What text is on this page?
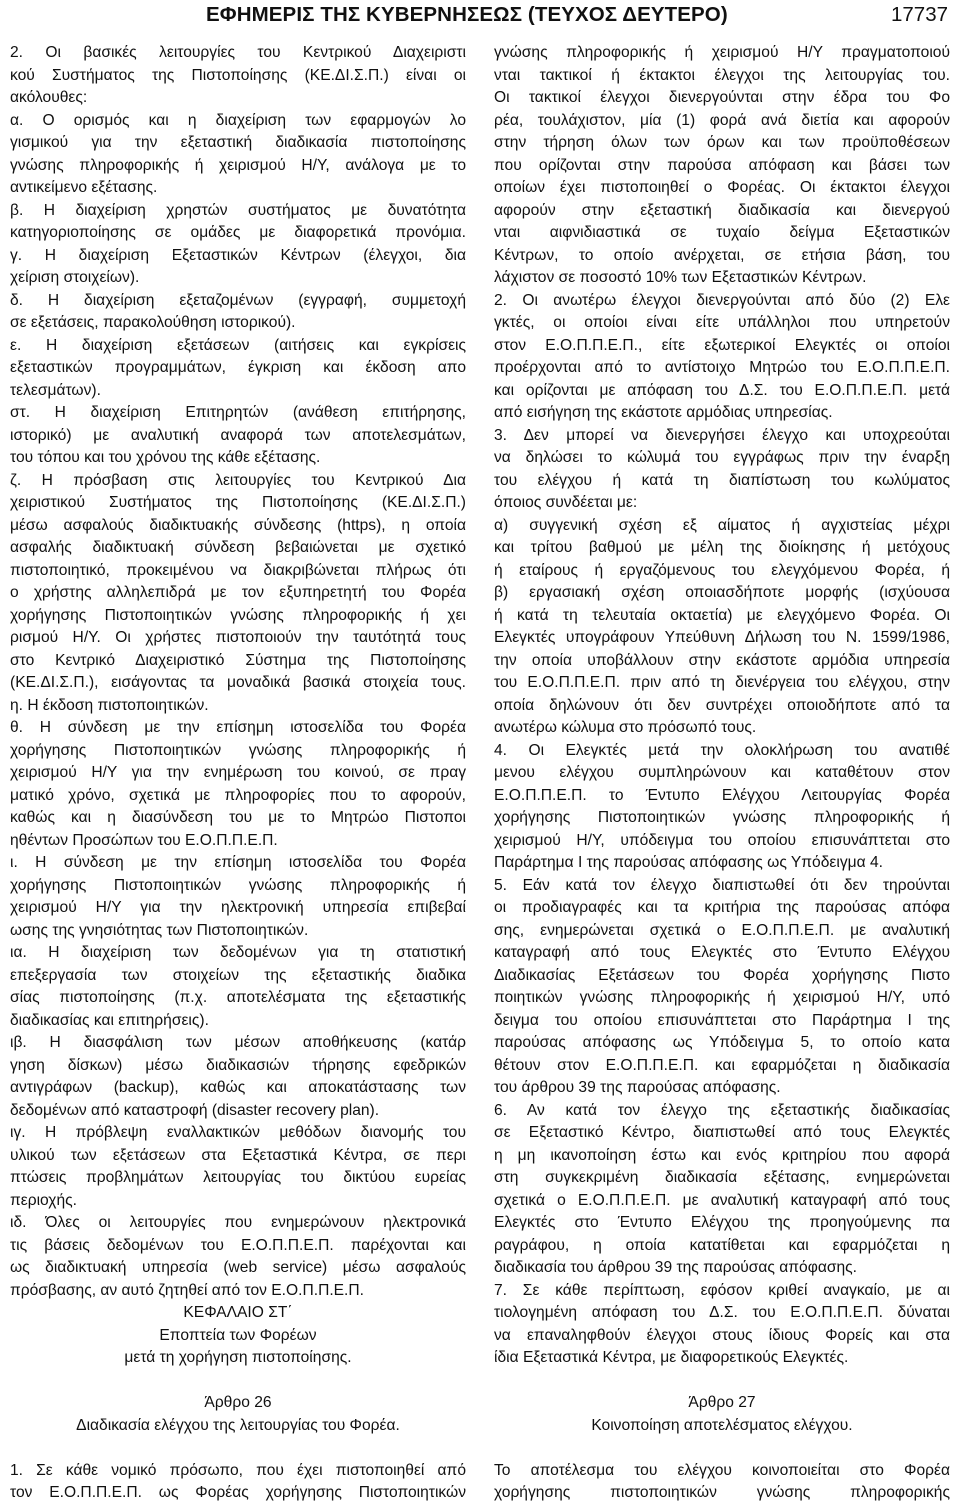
ΕΦΗΜΕΡΙΣ ΤΗΣ ΚΥΒΕΡΝΗΣΕΩΣ (ΤΕΥΧΟΣ ΔΕΥΤΕΡΟ)	17737
2. Οι βασικές λειτουργίες του Κεντρικού Διαχειριστι
κού Συστήματος της Πιστοποίησης (ΚΕ.ΔΙ.Σ.Π.) είναι οι
ακόλουθες:
α. Ο ορισμός και η διαχείριση των εφαρμογών λο
γισμικού για την εξεταστική διαδικασία πιστοποίησης
γνώσης πληροφορικής ή χειρισμού Η/Υ, ανάλογα με το
αντικείμενο εξέτασης.
β. Η διαχείριση χρηστών συστήματος με δυνατότητα
κατηγοριοποίησης σε ομάδες με διαφορετικά προνόμια.
γ. Η διαχείριση Εξεταστικών Κέντρων (έλεγχοι, δια
χείριση στοιχείων).
δ. Η διαχείριση εξεταζομένων (εγγραφή, συμμετοχή
σε εξετάσεις, παρακολούθηση ιστορικού).
ε. Η διαχείριση εξετάσεων (αιτήσεις και εγκρίσεις
εξεταστικών προγραμμάτων, έγκριση και έκδοση απο
τελεσμάτων).
στ. Η διαχείριση Επιτηρητών (ανάθεση επιτήρησης,
ιστορικό) με αναλυτική αναφορά των αποτελεσμάτων,
του τόπου και του χρόνου της κάθε εξέτασης.
ζ. Η πρόσβαση στις λειτουργίες του Κεντρικού Δια
χειριστικού Συστήματος της Πιστοποίησης (ΚΕ.ΔΙ.Σ.Π.)
μέσω ασφαλούς διαδικτυακής σύνδεσης (https), η οποία
ασφαλής διαδικτυακή σύνδεση βεβαιώνεται με σχετικό
πιστοποιητικό, προκειμένου να διακριβώνεται πλήρως ότι
ο χρήστης αλληλεπιδρά με τον εξυπηρετητή του Φορέα
χορήγησης Πιστοποιητικών γνώσης πληροφορικής ή χει
ρισμού Η/Υ. Οι χρήστες πιστοποιούν την ταυτότητά τους
στο Κεντρικό Διαχειριστικό Σύστημα της Πιστοποίησης
(ΚΕ.ΔΙ.Σ.Π.), εισάγοντας τα μοναδικά βασικά στοιχεία τους.
η. Η έκδοση πιστοποιητικών.
θ. Η σύνδεση με την επίσημη ιστοσελίδα του Φορέα
χορήγησης Πιστοποιητικών γνώσης πληροφορικής ή
χειρισμού Η/Υ για την ενημέρωση του κοινού, σε πραγ
ματικό χρόνο, σχετικά με πληροφορίες που το αφορούν,
καθώς και η διασύνδεση του με το Μητρώο Πιστοποι
ηθέντων Προσώπων του Ε.Ο.Π.Π.Ε.Π.
ι. Η σύνδεση με την επίσημη ιστοσελίδα του Φορέα
χορήγησης Πιστοποιητικών γνώσης πληροφορικής ή
χειρισμού Η/Υ για την ηλεκτρονική υπηρεσία επιβεβαί
ωσης της γνησιότητας των Πιστοποιητικών.
ια. Η διαχείριση των δεδομένων για τη στατιστική
επεξεργασία των στοιχείων της εξεταστικής διαδικα
σίας πιστοποίησης (π.χ. αποτελέσματα της εξεταστικής
διαδικασίας και επιτηρήσεις).
ιβ. Η διασφάλιση των μέσων αποθήκευσης (κατάρ
γηση δίσκων) μέσω διαδικασιών τήρησης εφεδρικών
αντιγράφων (backup), καθώς και αποκατάστασης των
δεδομένων από καταστροφή (disaster recovery plan).
ιγ. Η πρόβλεψη εναλλακτικών μεθόδων διανομής του
υλικού των εξετάσεων στα Εξεταστικά Κέντρα, σε περι
πτώσεις προβλημάτων λειτουργίας του δικτύου ευρείας
περιοχής.
ιδ. Όλες οι λειτουργίες που ενημερώνουν ηλεκτρονικά
τις βάσεις δεδομένων του Ε.Ο.Π.Π.Ε.Π. παρέχονται και
ως διαδικτυακή υπηρεσία (web service) μέσω ασφαλούς
πρόσβασης, αν αυτό ζητηθεί από τον Ε.Ο.Π.Π.Ε.Π.
ΚΕΦΑΛΑΙΟ ΣΤ΄
Εποπτεία των Φορέων
μετά τη χορήγηση πιστοποίησης.
Άρθρο 26
Διαδικασία ελέγχου της λειτουργίας του Φορέα.
1. Σε κάθε νομικό πρόσωπο, που έχει πιστοποιηθεί από
τον Ε.Ο.Π.Π.Ε.Π. ως Φορέας χορήγησης Πιστοποιητικών
γνώσης πληροφορικής ή χειρισμού Η/Υ πραγματοποιού
νται τακτικοί ή έκτακτοι έλεγχοι της λειτουργίας του.
Οι τακτικοί έλεγχοι διενεργούνται στην έδρα του Φο
ρέα, τουλάχιστον, μία (1) φορά ανά διετία και αφορούν
στην τήρηση όλων των όρων και των προϋποθέσεων
που ορίζονται στην παρούσα απόφαση και βάσει των
οποίων έχει πιστοποιηθεί ο Φορέας. Οι έκτακτοι έλεγχοι
αφορούν στην εξεταστική διαδικασία και διενεργού
νται αιφνιδιαστικά σε τυχαίο δείγμα Εξεταστικών
Κέντρων, το οποίο ανέρχεται, σε ετήσια βάση, του
λάχιστον σε ποσοστό 10% των Εξεταστικών Κέντρων.
2. Οι ανωτέρω έλεγχοι διενεργούνται από δύο (2) Ελε
γκτές, οι οποίοι είναι είτε υπάλληλοι που υπηρετούν
στον Ε.Ο.Π.Π.Ε.Π., είτε εξωτερικοί Ελεγκτές οι οποίοι
προέρχονται από το αντίστοιχο Μητρώο του Ε.Ο.Π.Π.Ε.Π.
και ορίζονται με απόφαση του Δ.Σ. του Ε.Ο.Π.Π.Ε.Π. μετά
από εισήγηση της εκάστοτε αρμόδιας υπηρεσίας.
3. Δεν μπορεί να διενεργήσει έλεγχο και υποχρεούται
να δηλώσει το κώλυμά του εγγράφως πριν την έναρξη
του ελέγχου ή κατά τη διαπίστωση του κωλύματος
όποιος συνδέεται με:
α) συγγενική σχέση εξ αίματος ή αγχιστείας μέχρι
και τρίτου βαθμού με μέλη της διοίκησης ή μετόχους
ή εταίρους ή εργαζόμενους του ελεγχόμενου Φορέα, ή
β) εργασιακή σχέση οποιασδήποτε μορφής (ισχύουσα
ή κατά τη τελευταία οκταετία) με ελεγχόμενο Φορέα. Οι
Ελεγκτές υπογράφουν Υπεύθυνη Δήλωση του Ν. 1599/1986,
την οποία υποβάλλουν στην εκάστοτε αρμόδια υπηρεσία
του Ε.Ο.Π.Π.Ε.Π. πριν από τη διενέργεια του ελέγχου, στην
οποία δηλώνουν ότι δεν συντρέχει οποιοδήποτε από τα
ανωτέρω κώλυμα στο πρόσωπό τους.
4. Οι Ελεγκτές μετά την ολοκλήρωση του ανατιθέ
μενου ελέγχου συμπληρώνουν και καταθέτουν στον
Ε.Ο.Π.Π.Ε.Π. το Έντυπο Ελέγχου Λειτουργίας Φορέα
χορήγησης Πιστοποιητικών γνώσης πληροφορικής ή
χειρισμού Η/Υ, υπόδειγμα του οποίου επισυνάπτεται στο
Παράρτημα Ι της παρούσας απόφασης ως Υπόδειγμα 4.
5. Εάν κατά τον έλεγχο διαπιστωθεί ότι δεν τηρούνται
οι προδιαγραφές και τα κριτήρια της παρούσας απόφα
σης, ενημερώνεται σχετικά ο Ε.Ο.Π.Π.Ε.Π. με αναλυτική
καταγραφή από τους Ελεγκτές στο Έντυπο Ελέγχου
Διαδικασίας Εξετάσεων του Φορέα χορήγησης Πιστο
ποιητικών γνώσης πληροφορικής ή χειρισμού Η/Υ, υπό
δειγμα του οποίου επισυνάπτεται στο Παράρτημα Ι της
παρούσας απόφασης ως Υπόδειγμα 5, το οποίο κατα
θέτουν στον Ε.Ο.Π.Π.Ε.Π. και εφαρμόζεται η διαδικασία
του άρθρου 39 της παρούσας απόφασης.
6. Αν κατά τον έλεγχο της εξεταστικής διαδικασίας
σε Εξεταστικό Κέντρο, διαπιστωθεί από τους Ελεγκτές
η μη ικανοποίηση έστω και ενός κριτηρίου που αφορά
στη συγκεκριμένη διαδικασία εξέτασης, ενημερώνεται
σχετικά ο Ε.Ο.Π.Π.Ε.Π. με αναλυτική καταγραφή από τους
Ελεγκτές στο Έντυπο Ελέγχου της προηγούμενης πα
ραγράφου, η οποία κατατίθεται και εφαρμόζεται η
διαδικασία του άρθρου 39 της παρούσας απόφασης.
7. Σε κάθε περίπτωση, εφόσον κριθεί αναγκαίο, με αι
τιολογημένη απόφαση του Δ.Σ. του Ε.Ο.Π.Π.Ε.Π. δύναται
να επαναληφθούν έλεγχοι στους ίδιους Φορείς και στα
ίδια Εξεταστικά Κέντρα, με διαφορετικούς Ελεγκτές.
Άρθρο 27
Κοινοποίηση αποτελέσματος ελέγχου.
Το αποτέλεσμα του ελέγχου κοινοποιείται στο Φορέα
χορήγησης πιστοποιητικών γνώσης πληροφορικής
